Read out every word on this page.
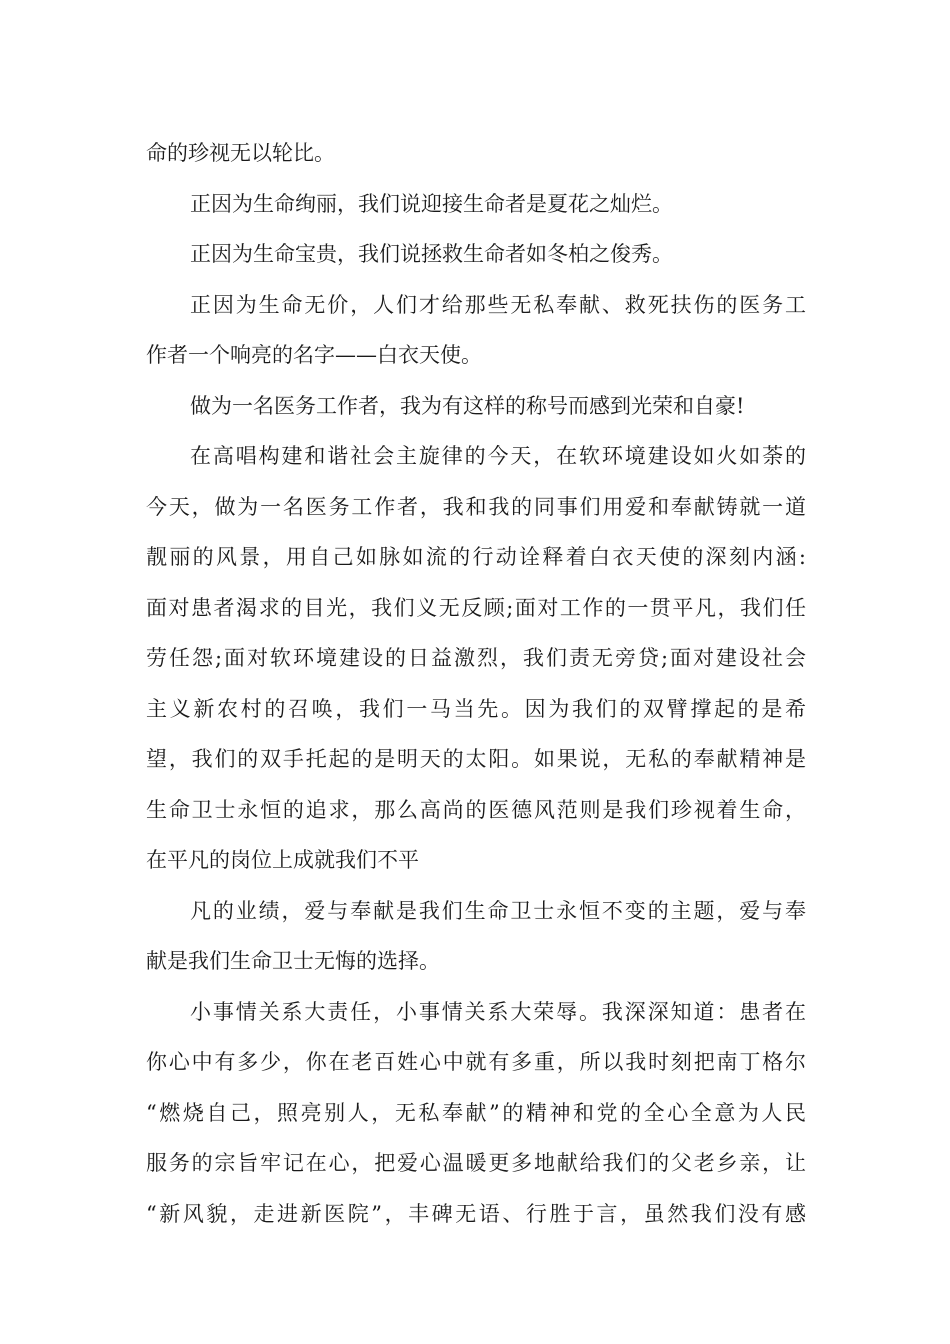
命的珍视无以轮比。
正因为生命绚丽，我们说迎接生命者是夏花之灿烂。
正因为生命宝贵，我们说拯救生命者如冬柏之俊秀。
正因为生命无价，人们才给那些无私奉献、救死扶伤的医务工
作者一个响亮的名字——白衣天使。
做为一名医务工作者，我为有这样的称号而感到光荣和自豪!
在高唱构建和谐社会主旋律的今天，在软环境建设如火如荼的
今天，做为一名医务工作者，我和我的同事们用爱和奉献铸就一道
靓丽的风景，用自己如脉如流的行动诠释着白衣天使的深刻内涵:
面对患者渴求的目光，我们义无反顾;面对工作的一贯平凡，我们任
劳任怨;面对软环境建设的日益激烈，我们责无旁贷;面对建设社会
主义新农村的召唤，我们一马当先。因为我们的双臂撑起的是希
望，我们的双手托起的是明天的太阳。如果说，无私的奉献精神是
生命卫士永恒的追求，那么高尚的医德风范则是我们珍视着生命，
在平凡的岗位上成就我们不平
凡的业绩，爱与奉献是我们生命卫士永恒不变的主题，爱与奉
献是我们生命卫士无悔的选择。
小事情关系大责任，小事情关系大荣辱。我深深知道：患者在
你心中有多少，你在老百姓心中就有多重，所以我时刻把南丁格尔
“燃烧自己，照亮别人，无私奉献”的精神和党的全心全意为人民
服务的宗旨牢记在心，把爱心温暖更多地献给我们的父老乡亲，让
“新风貌，走进新医院”，丰碑无语、行胜于言，虽然我们没有感
